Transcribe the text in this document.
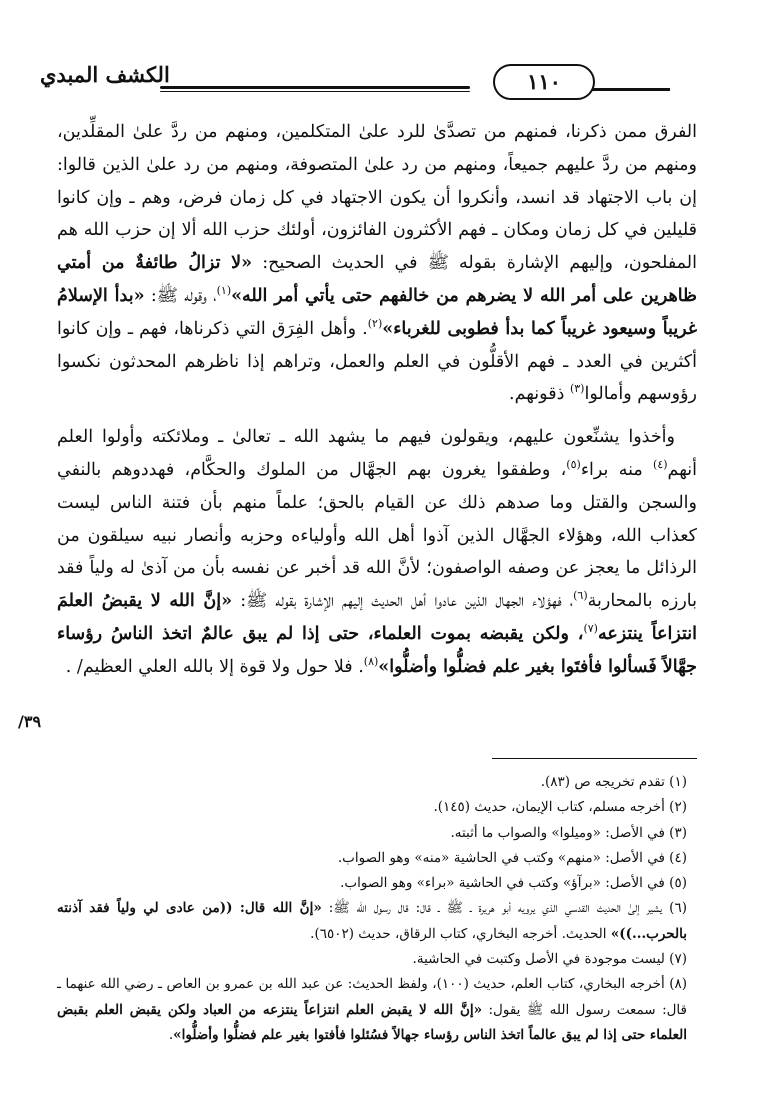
الكشف المبدي	١١٠

الفرق ممن ذكرنا، فمنهم من تصدَّىٰ للرد علىٰ المتكلمين، ومنهم من ردَّ علىٰ المقلِّدين، ومنهم من ردَّ عليهم جميعاً، ومنهم من رد علىٰ المتصوفة، ومنهم من رد علىٰ الذين قالوا: إن باب الاجتهاد قد انسد، وأنكروا أن يكون الاجتهاد في كل زمان فرض، وهم ـ وإن كانوا قليلين في كل زمان ومكان ـ فهم الأكثرون الفائزون، أولئك حزب الله ألا إن حزب الله هم المفلحون، وإليهم الإشارة بقوله ﷺ في الحديث الصحيح: «لا تزالُ طائفةٌ من أمتي ظاهرين على أمر الله لا يضرهم من خالفهم حتى يأتي أمر الله»$^{(١)}$، وقوله ﷺ: «بدأ الإسلامُ غريباً وسيعود غريباً كما بدأ فطوبى للغرباء»$^{(٢)}$. وأهل الفِرَق التي ذكرناها، فهم ـ وإن كانوا أكثرين في العدد ـ فهم الأقلُّون في العلم والعمل، وتراهم إذا ناظرهم المحدثون نكسوا رؤوسهم وأمالوا$^{(٣)}$ ذقونهم.

وأخذوا يشنِّعون عليهم، ويقولون فيهم ما يشهد الله ـ تعالىٰ ـ وملائكته وأولوا العلم أنهم$^{(٤)}$ منه براء$^{(٥)}$، وطفقوا يغرون بهم الجهَّال من الملوك والحكَّام، فهددوهم بالنفي والسجن والقتل وما صدهم ذلك عن القيام بالحق؛ علماً منهم بأن فتنة الناس ليست كعذاب الله، وهؤلاء الجهَّال الذين آذوا أهل الله وأولياءه وحزبه وأنصار نبيه سيلقون من الرذائل ما يعجز عن وصفه الواصفون؛ لأنَّ الله قد أخبر عن نفسه بأن من آذىٰ له ولياً فقد بارزه بالمحاربة$^{(٦)}$، فهؤلاء الجهال الذين عادوا أهل الحديث إليهم الإشارة بقوله ﷺ: «إنَّ الله لا يقبضُ العلمَ انتزاعاً ينتزعه$^{(٧)}$، ولكن يقبضه بموت العلماء، حتى إذا لم يبق عالمٌ اتخذ الناسُ رؤساء جهَّالاً فَسألوا فأفتَوا بغير علم فضلُّوا وأضلُّوا»$^{(٨)}$. فلا حول ولا قوة إلا بالله العلي العظيم/ .

٣٩/

(١) تقدم تخريجه ص (٨٣).

(٢) أخرجه مسلم، كتاب الإيمان، حديث (١٤٥).

(٣) في الأصل: «وميلوا» والصواب ما أثبته.

(٤) في الأصل: «منهم» وكتب في الحاشية «منه» وهو الصواب.

(٥) في الأصل: «برآؤ» وكتب في الحاشية «براء» وهو الصواب.

(٦) يشير إلىٰ الحديث القدسي الذي يرويه أبو هريرة ـ ﷺ ـ قال: قال رسول الله ﷺ: «إنَّ الله قال: ((من عادى لي ولياً فقد آذنته بالحرب...))» الحديث. أخرجه البخاري، كتاب الرقاق، حديث (٦٥٠٢).

(٧) ليست موجودة في الأصل وكتبت في الحاشية.

(٨) أخرجه البخاري، كتاب العلم، حديث (١٠٠)، ولفظ الحديث: عن عبد الله بن عمرو بن العاص ـ رضي الله عنهما ـ قال: سمعت رسول الله ﷺ يقول: «إنَّ الله لا يقبض العلم انتزاعاً ينتزعه من العباد ولكن يقبض العلم بقبض العلماء حتى إذا لم يبق عالماً اتخذ الناس رؤساء جهالاً فسُئلوا فأفتوا بغير علم فضلُّوا وأضلُّوا».
